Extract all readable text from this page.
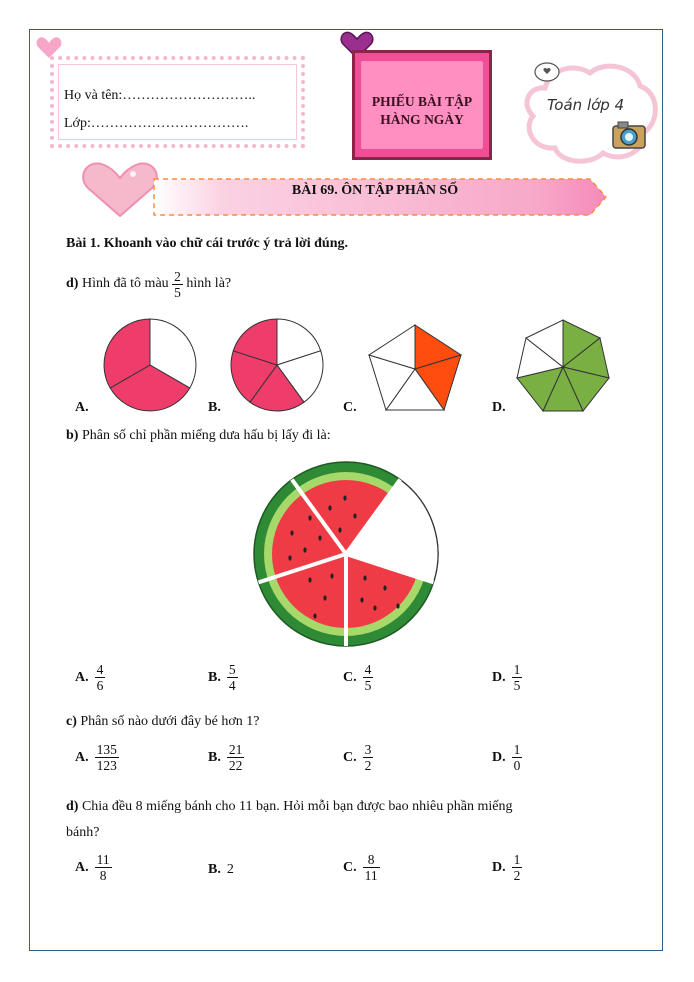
Họ và tên:………………………..
Lớp:…………………………….
PHIẾU BÀI TẬP
HÀNG NGÀY
Toán lớp 4
BÀI 69. ÔN TẬP PHÂN SỐ
Bài 1. Khoanh vào chữ cái trước ý trả lời đúng.
d)
Hình đã tô màu
$\frac{2}{5}$
hình là?
A.	B.	C.	D.
b) Phân số chỉ phần miếng dưa hấu bị lấy đi là:
A. $\frac{4}{6}$	B. $\frac{5}{4}$	C. $\frac{4}{5}$	D. $\frac{1}{5}$
c) Phân số nào dưới đây bé hơn 1?
A. $\frac{135}{123}$	B. $\frac{21}{22}$	C. $\frac{3}{2}$	D. $\frac{1}{0}$
d) Chia đều 8 miếng bánh cho 11 bạn. Hỏi mỗi bạn được bao nhiêu phần miếng
bánh?
A. $\frac{11}{8}$	B. 2	C. $\frac{8}{11}$	D. $\frac{1}{2}$
